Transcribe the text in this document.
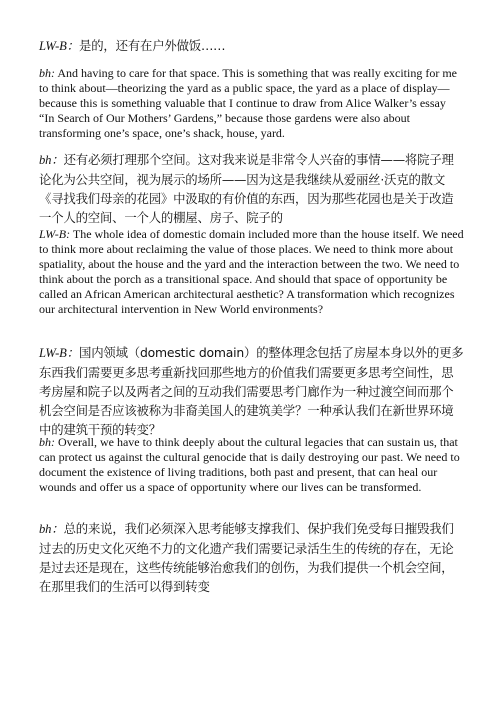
LW-B：是的，还有在户外做饭……

bh: And having to care for that space. This is something that was really exciting for me to think about—theorizing the yard as a public space, the yard as a place of display—because this is something valuable that I continue to draw from Alice Walker’s essay “In Search of Our Mothers’ Gardens,” because those gardens were also about transforming one’s space, one’s shack, house, yard.

bh：还有必须打理那个空间。这对我来说是非常令人兴奋的事情——将院子理论化为公共空间，视为展示的场所——因为这是我继续从爱丽丝·沃克的散文《寻找我们母亲的花园》中汲取的有价值的东西，因为那些花园也是关于改造一个人的空间、一个人的棚屋、房子、院子的

LW-B: The whole idea of domestic domain included more than the house itself. We need to think more about reclaiming the value of those places. We need to think more about spatiality, about the house and the yard and the interaction between the two. We need to think about the porch as a transitional space. And should that space of opportunity be called an African American architectural aesthetic? A transformation which recognizes our architectural intervention in New World environments?

LW-B：国内领域（domestic domain）的整体理念包括了房屋本身以外的更多东西我们需要更多思考重新找回那些地方的价值我们需要更多思考空间性，思考房屋和院子以及两者之间的互动我们需要思考门廊作为一种过渡空间而那个机会空间是否应该被称为非裔美国人的建筑美学？一种承认我们在新世界环境中的建筑干预的转变？

bh: Overall, we have to think deeply about the cultural legacies that can sustain us, that can protect us against the cultural genocide that is daily destroying our past. We need to document the existence of living traditions, both past and present, that can heal our wounds and offer us a space of opportunity where our lives can be transformed.

bh：总的来说，我们必须深入思考能够支撑我们、保护我们免受每日摧毁我们过去的历史文化灭绝不力的文化遗产我们需要记录活生生的传统的存在，无论是过去还是现在，这些传统能够治愈我们的创伤，为我们提供一个机会空间，在那里我们的生活可以得到转变
